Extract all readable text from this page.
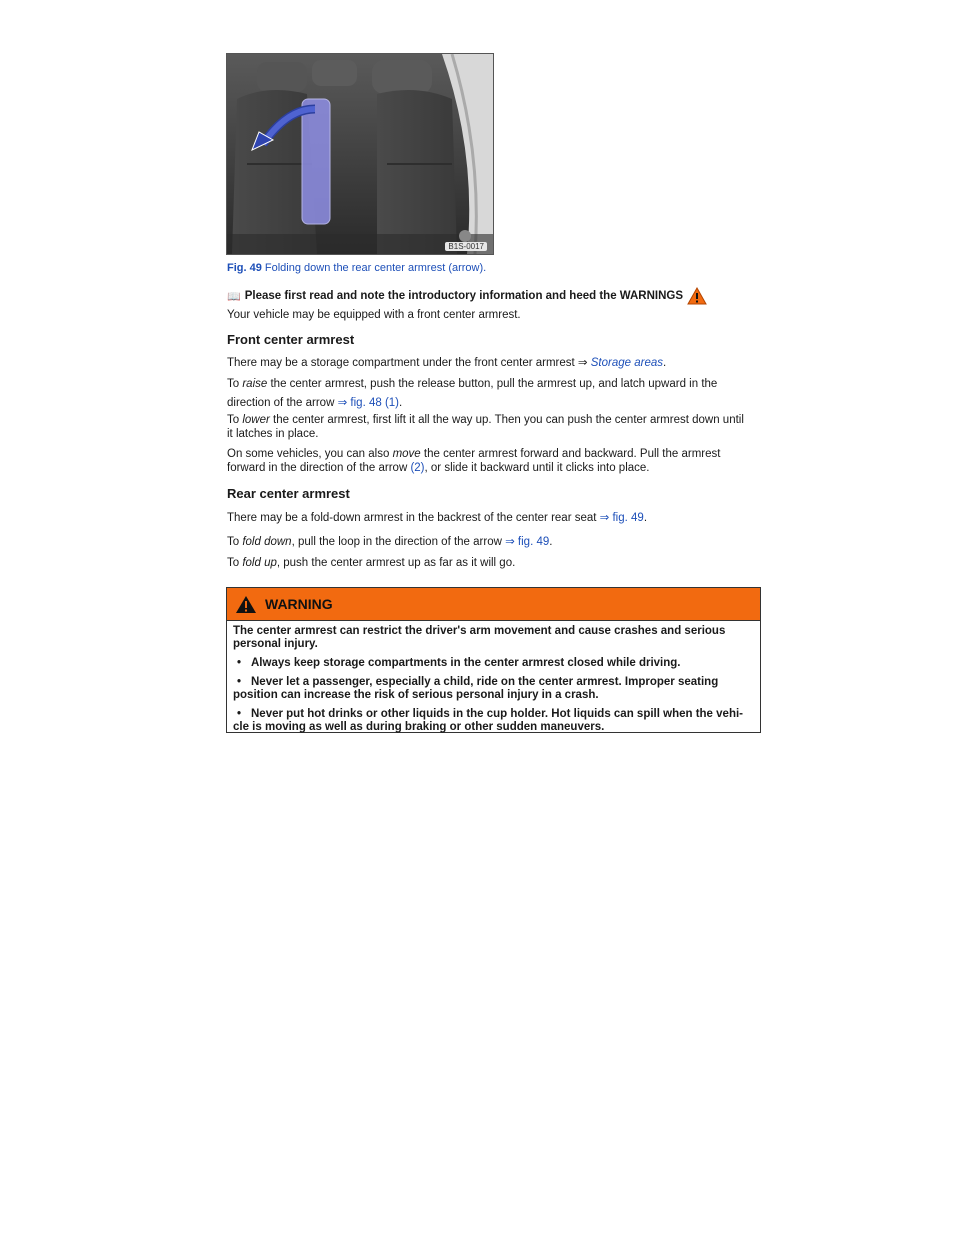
B1S-0017
Fig. 49 Folding down the rear center armrest (arrow).
📖 Please first read and note the introductory information and heed the WARNINGS
Your vehicle may be equipped with a front center armrest.
Front center armrest
There may be a storage compartment under the front center armrest ⇒ Storage areas.
To raise the center armrest, push the release button, pull the armrest up, and latch upward in the
direction of the arrow ⇒ fig. 48 (1).
To lower the center armrest, first lift it all the way up. Then you can push the center armrest down until
it latches in place.
On some vehicles, you can also move the center armrest forward and backward. Pull the armrest
forward in the direction of the arrow (2), or slide it backward until it clicks into place.
Rear center armrest
There may be a fold-down armrest in the backrest of the center rear seat ⇒ fig. 49.
To fold down, pull the loop in the direction of the arrow ⇒ fig. 49.
To fold up, push the center armrest up as far as it will go.
WARNING

The center armrest can restrict the driver's arm movement and cause crashes and serious
personal injury.

• Always keep storage compartments in the center armrest closed while driving.

• Never let a passenger, especially a child, ride on the center armrest. Improper seating
position can increase the risk of serious personal injury in a crash.

• Never put hot drinks or other liquids in the cup holder. Hot liquids can spill when the vehi-
cle is moving as well as during braking or other sudden maneuvers.
